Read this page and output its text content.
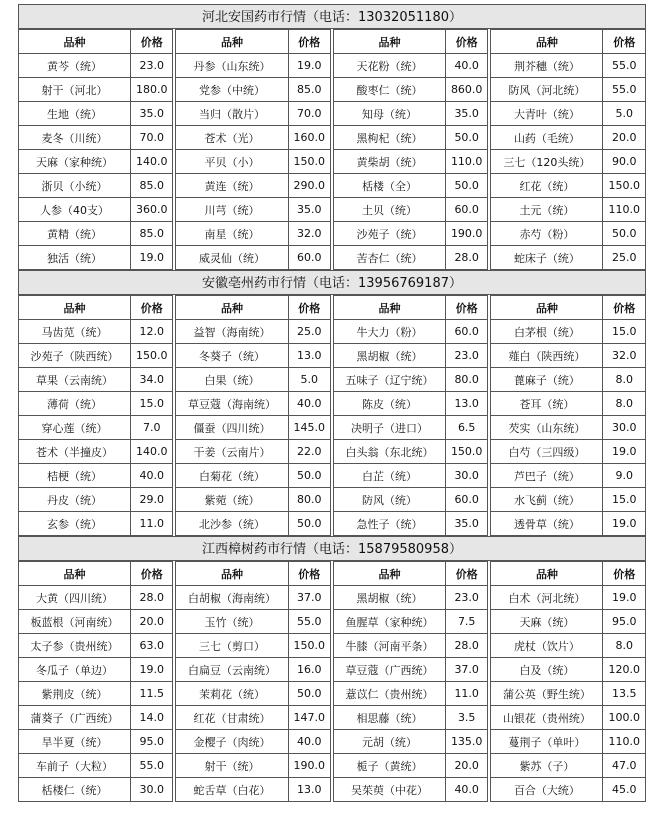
河北安国药市行情（电话：13032051180）
品种	价格		品种	价格		品种	价格		品种	价格
黄芩（统）	23.0		丹参（山东统）	19.0		天花粉（统）	40.0		荆芥穗（统）	55.0
射干（河北）	180.0		党参（中统）	85.0		酸枣仁（统）	860.0		防风（河北统）	55.0
生地（统）	35.0		当归（散片）	70.0		知母（统）	35.0		大青叶（统）	5.0
麦冬（川统）	70.0		苍术（光）	160.0		黑枸杞（统）	50.0		山药（毛统）	20.0
天麻（家种统）	140.0		平贝（小）	150.0		黄柴胡（统）	110.0		三七（120头统）	90.0
浙贝（小统）	85.0		黄连（统）	290.0		栝楼（全）	50.0		红花（统）	150.0
人参（40支）	360.0		川芎（统）	35.0		土贝（统）	60.0		土元（统）	110.0
黄精（统）	85.0		南星（统）	32.0		沙苑子（统）	190.0		赤芍（粉）	50.0
独活（统）	19.0		威灵仙（统）	60.0		苦杏仁（统）	28.0		蛇床子（统）	25.0
安徽亳州药市行情（电话：13956769187）
品种	价格		品种	价格		品种	价格		品种	价格
马齿苋（统）	12.0		益智（海南统）	25.0		牛大力（粉）	60.0		白茅根（统）	15.0
沙苑子（陕西统）	150.0		冬葵子（统）	13.0		黑胡椒（统）	23.0		薤白（陕西统）	32.0
草果（云南统）	34.0		白果（统）	5.0		五味子（辽宁统）	80.0		蓖麻子（统）	8.0
薄荷（统）	15.0		草豆蔻（海南统）	40.0		陈皮（统）	13.0		苍耳（统）	8.0
穿心莲（统）	7.0		僵蚕（四川统）	145.0		决明子（进口）	6.5		芡实（山东统）	30.0
苍术（半撞皮）	140.0		干姜（云南片）	22.0		白头翁（东北统）	150.0		白芍（三四级）	19.0
桔梗（统）	40.0		白菊花（统）	50.0		白芷（统）	30.0		芦巴子（统）	9.0
丹皮（统）	29.0		紫菀（统）	80.0		防风（统）	60.0		水飞蓟（统）	15.0
玄参（统）	11.0		北沙参（统）	50.0		急性子（统）	35.0		透骨草（统）	19.0
江西樟树药市行情（电话：15879580958）
品种	价格		品种	价格		品种	价格		品种	价格
大黄（四川统）	28.0		白胡椒（海南统）	37.0		黑胡椒（统）	23.0		白术（河北统）	19.0
板蓝根（河南统）	20.0		玉竹（统）	55.0		鱼腥草（家种统）	7.5		天麻（统）	95.0
太子参（贵州统）	63.0		三七（剪口）	150.0		牛膝（河南平条）	28.0		虎杖（饮片）	8.0
冬瓜子（单边）	19.0		白扁豆（云南统）	16.0		草豆蔻（广西统）	37.0		白及（统）	120.0
紫荆皮（统）	11.5		茉莉花（统）	50.0		薏苡仁（贵州统）	11.0		蒲公英（野生统）	13.5
蒲葵子（广西统）	14.0		红花（甘肃统）	147.0		相思藤（统）	3.5		山银花（贵州统）	100.0
旱半夏（统）	95.0		金樱子（肉统）	40.0		元胡（统）	135.0		蔓荆子（单叶）	110.0
车前子（大粒）	55.0		射干（统）	190.0		栀子（黄统）	20.0		紫苏（子）	47.0
栝楼仁（统）	30.0		蛇舌草（白花）	13.0		吴茱萸（中花）	40.0		百合（大统）	45.0
